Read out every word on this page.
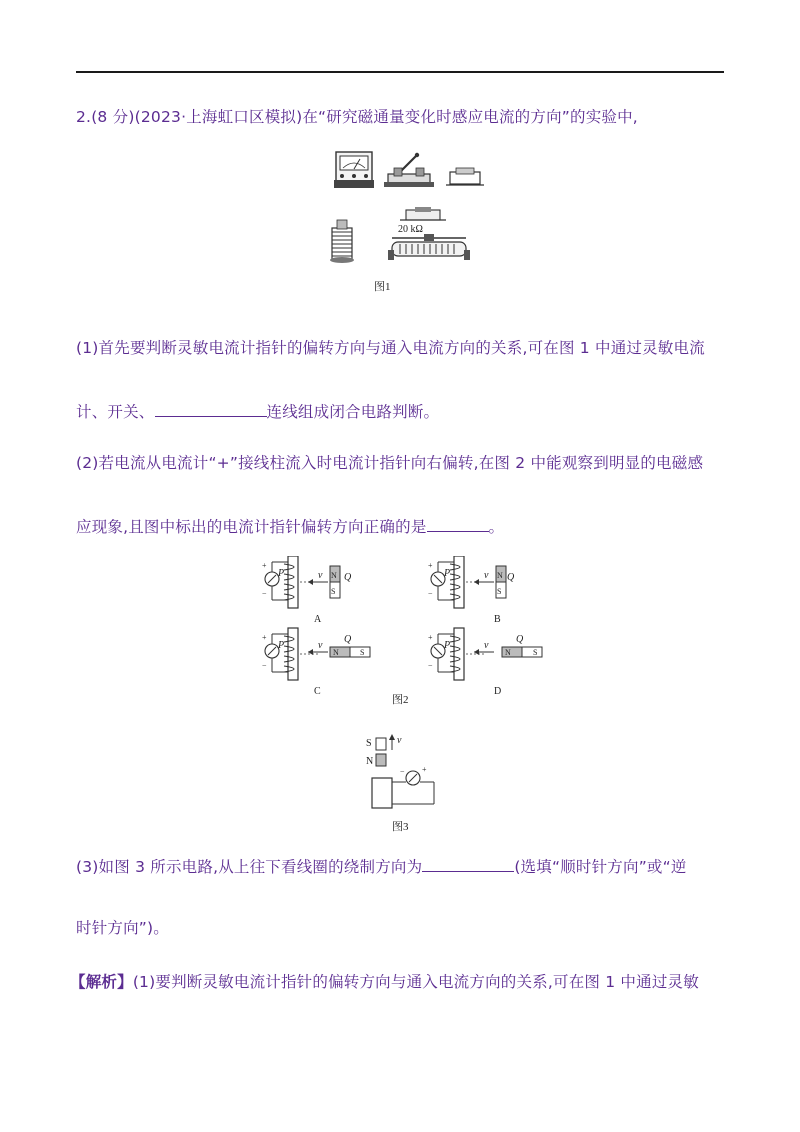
2.(8 分)(2023·上海虹口区模拟)在“研究磁通量变化时感应电流的方向”的实验中,
20 kΩ
图1
(1)首先要判断灵敏电流计指针的偏转方向与通入电流方向的关系,可在图 1 中通过灵敏电流
计、开关、	连线组成闭合电路判断。
(2)若电流从电流计“+”接线柱流入时电流计指针向右偏转,在图 2 中能观察到明显的电磁感
应现象,且图中标出的电流计指针偏转方向正确的是	。
+
−
P	v N
S
Q
A
+
−
P	v N
S
Q
B
+
−
P	v
N	S
Q
C
+
−
P	v
N	S
Q
D
图2
S
N
v
− +
图3
(3)如图 3 所示电路,从上往下看线圈的绕制方向为	(选填“顺时针方向”或“逆
时针方向”)。
【解析】(1)要判断灵敏电流计指针的偏转方向与通入电流方向的关系,可在图 1 中通过灵敏
